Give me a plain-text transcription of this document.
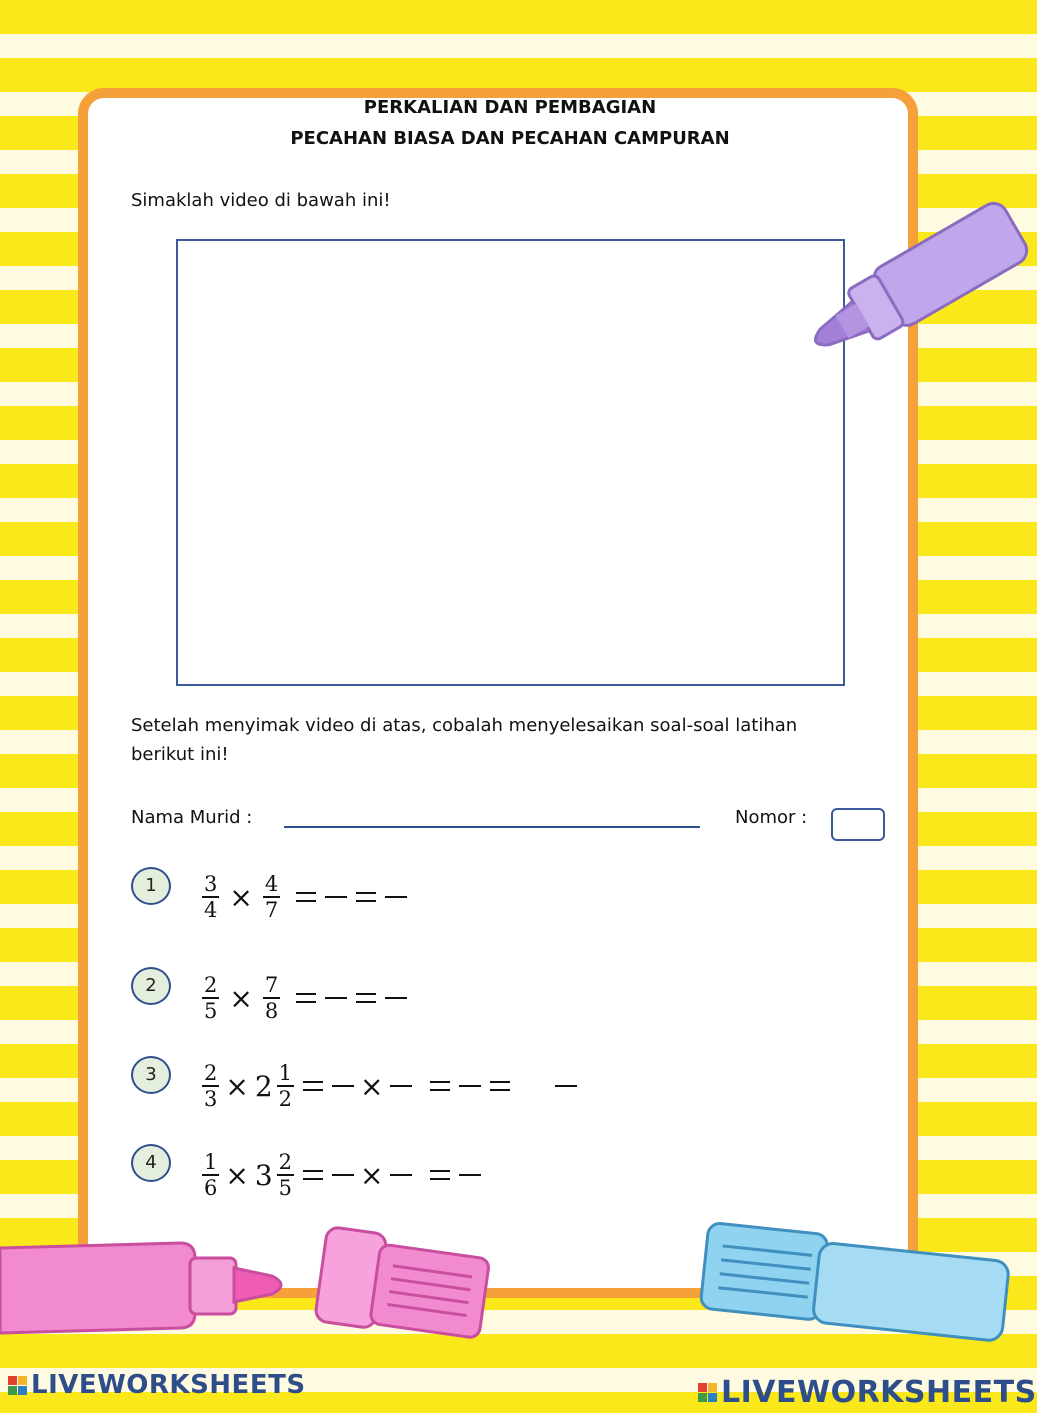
PERKALIAN DAN PEMBAGIAN
PECAHAN BIASA DAN PECAHAN CAMPURAN
Simaklah video di bawah ini!
Setelah menyimak video di atas, cobalah menyelesaikan soal-soal latihan
berikut ini!
Nama Murid :	Nomor :
1	$\frac{3}{4} \times \frac{4}{7}$
2	$\frac{2}{5} \times \frac{7}{8}$
3	$\frac{2}{3} \times 2 \frac{1}{2}$ ×
4	$\frac{1}{6} \times 3 \frac{2}{5}$ ×
LIVEWORKSHEETS	LIVEWORKSHEETS
